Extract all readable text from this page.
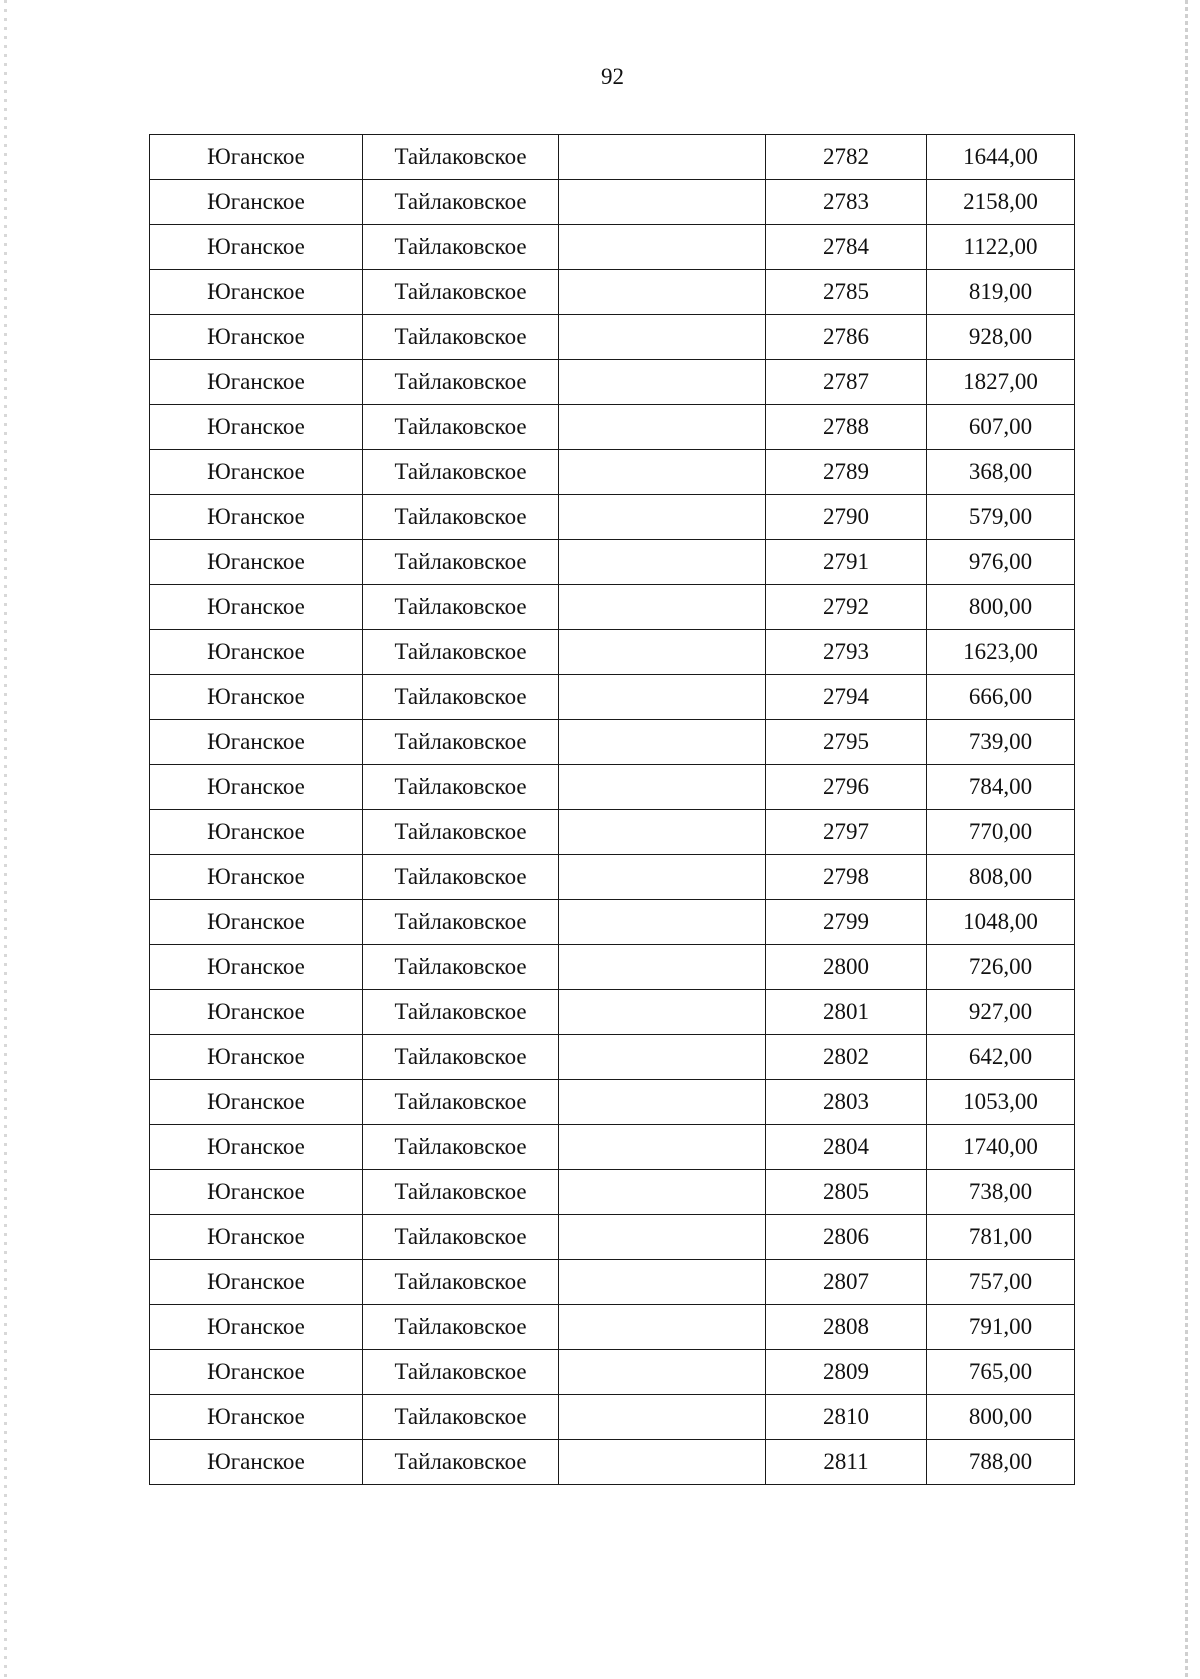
92
Юганское	Тайлаковское		2782	1644,00
Юганское	Тайлаковское		2783	2158,00
Юганское	Тайлаковское		2784	1122,00
Юганское	Тайлаковское		2785	819,00
Юганское	Тайлаковское		2786	928,00
Юганское	Тайлаковское		2787	1827,00
Юганское	Тайлаковское		2788	607,00
Юганское	Тайлаковское		2789	368,00
Юганское	Тайлаковское		2790	579,00
Юганское	Тайлаковское		2791	976,00
Юганское	Тайлаковское		2792	800,00
Юганское	Тайлаковское		2793	1623,00
Юганское	Тайлаковское		2794	666,00
Юганское	Тайлаковское		2795	739,00
Юганское	Тайлаковское		2796	784,00
Юганское	Тайлаковское		2797	770,00
Юганское	Тайлаковское		2798	808,00
Юганское	Тайлаковское		2799	1048,00
Юганское	Тайлаковское		2800	726,00
Юганское	Тайлаковское		2801	927,00
Юганское	Тайлаковское		2802	642,00
Юганское	Тайлаковское		2803	1053,00
Юганское	Тайлаковское		2804	1740,00
Юганское	Тайлаковское		2805	738,00
Юганское	Тайлаковское		2806	781,00
Юганское	Тайлаковское		2807	757,00
Юганское	Тайлаковское		2808	791,00
Юганское	Тайлаковское		2809	765,00
Юганское	Тайлаковское		2810	800,00
Юганское	Тайлаковское		2811	788,00
